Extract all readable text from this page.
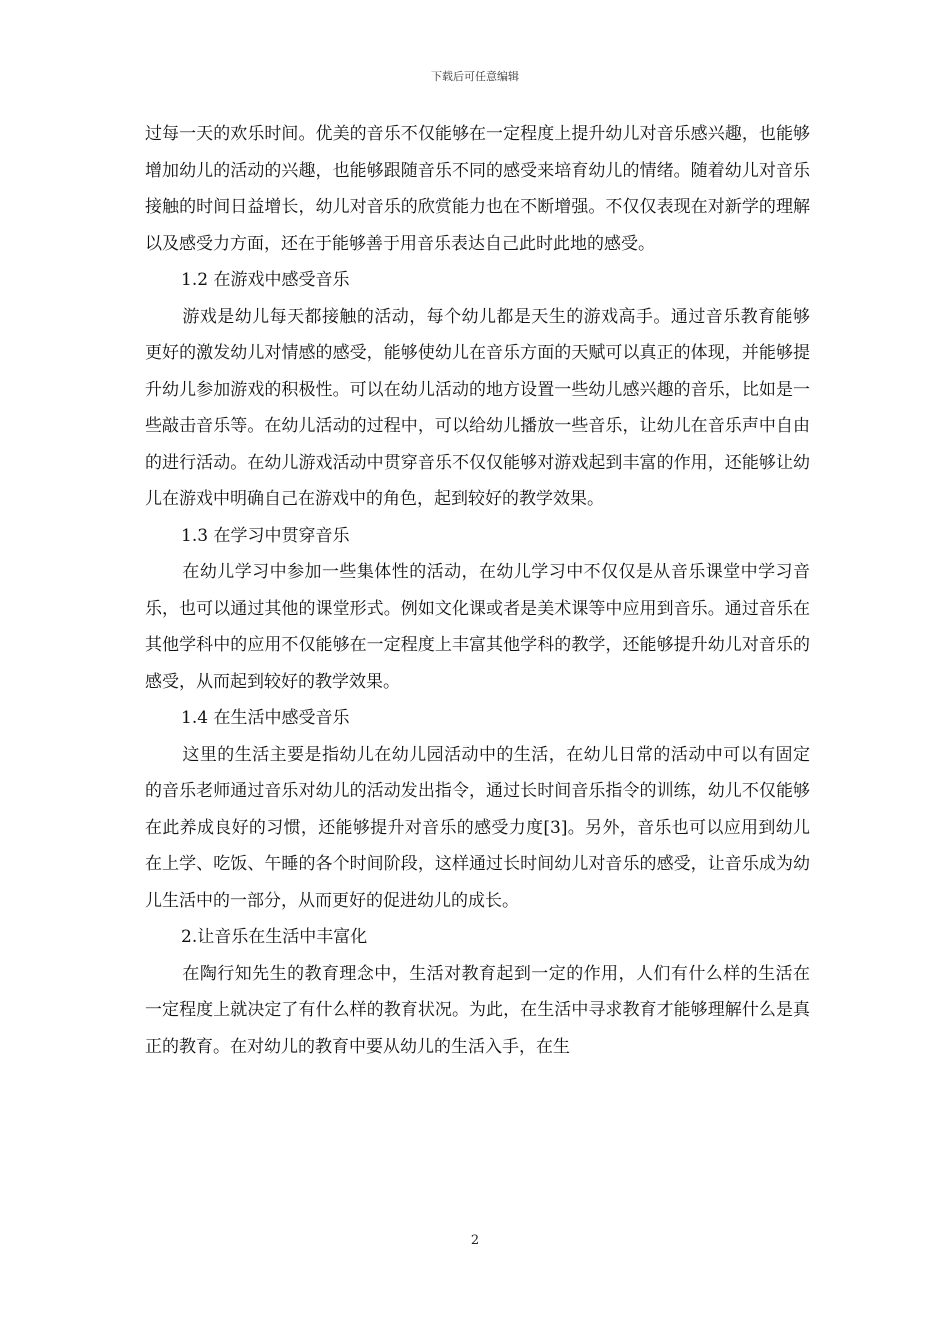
下载后可任意编辑

过每一天的欢乐时间。优美的音乐不仅能够在一定程度上提升幼儿对音乐感兴趣，也能够增加幼儿的活动的兴趣，也能够跟随音乐不同的感受来培育幼儿的情绪。随着幼儿对音乐接触的时间日益增长，幼儿对音乐的欣赏能力也在不断增强。不仅仅表现在对新学的理解以及感受力方面，还在于能够善于用音乐表达自己此时此地的感受。

1.2 在游戏中感受音乐

游戏是幼儿每天都接触的活动，每个幼儿都是天生的游戏高手。通过音乐教育能够更好的激发幼儿对情感的感受，能够使幼儿在音乐方面的天赋可以真正的体现，并能够提升幼儿参加游戏的积极性。可以在幼儿活动的地方设置一些幼儿感兴趣的音乐，比如是一些敲击音乐等。在幼儿活动的过程中，可以给幼儿播放一些音乐，让幼儿在音乐声中自由的进行活动。在幼儿游戏活动中贯穿音乐不仅仅能够对游戏起到丰富的作用，还能够让幼儿在游戏中明确自己在游戏中的角色，起到较好的教学效果。

1.3 在学习中贯穿音乐

在幼儿学习中参加一些集体性的活动，在幼儿学习中不仅仅是从音乐课堂中学习音乐，也可以通过其他的课堂形式。例如文化课或者是美术课等中应用到音乐。通过音乐在其他学科中的应用不仅能够在一定程度上丰富其他学科的教学，还能够提升幼儿对音乐的感受，从而起到较好的教学效果。

1.4 在生活中感受音乐

这里的生活主要是指幼儿在幼儿园活动中的生活，在幼儿日常的活动中可以有固定的音乐老师通过音乐对幼儿的活动发出指令，通过长时间音乐指令的训练，幼儿不仅能够在此养成良好的习惯，还能够提升对音乐的感受力度[3]。另外，音乐也可以应用到幼儿在上学、吃饭、午睡的各个时间阶段，这样通过长时间幼儿对音乐的感受，让音乐成为幼儿生活中的一部分，从而更好的促进幼儿的成长。

2.让音乐在生活中丰富化

在陶行知先生的教育理念中，生活对教育起到一定的作用，人们有什么样的生活在一定程度上就决定了有什么样的教育状况。为此，在生活中寻求教育才能够理解什么是真正的教育。在对幼儿的教育中要从幼儿的生活入手，在生

2
